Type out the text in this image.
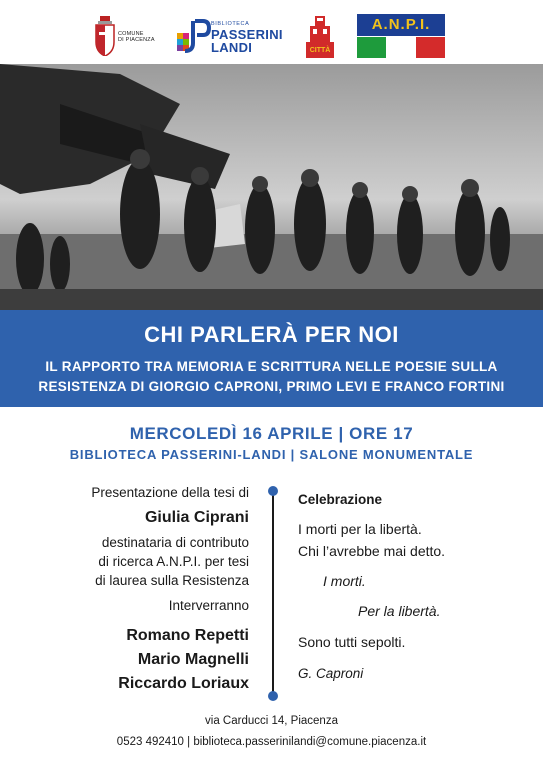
COMUNE
DI PIACENZA
BIBLIOTECA
PASSERINI
LANDI	CITTÀ
A.N.P.I.
CHI PARLERÀ PER NOI
IL RAPPORTO TRA MEMORIA E SCRITTURA NELLE POESIE SULLA
RESISTENZA DI GIORGIO CAPRONI, PRIMO LEVI E FRANCO FORTINI
MERCOLEDÌ 16 APRILE | ORE 17
BIBLIOTECA PASSERINI-LANDI | SALONE MONUMENTALE
Presentazione della tesi di
Giulia Ciprani
destinataria di contributo
di ricerca A.N.P.I. per tesi
di laurea sulla Resistenza
Interverranno
Romano Repetti
Mario Magnelli
Riccardo Loriaux
Celebrazione
I morti per la libertà.
Chi l’avrebbe mai detto.
I morti.
Per la libertà.
Sono tutti sepolti.
G. Caproni
via Carducci 14, Piacenza
0523 492410 | biblioteca.passerinilandi@comune.piacenza.it
